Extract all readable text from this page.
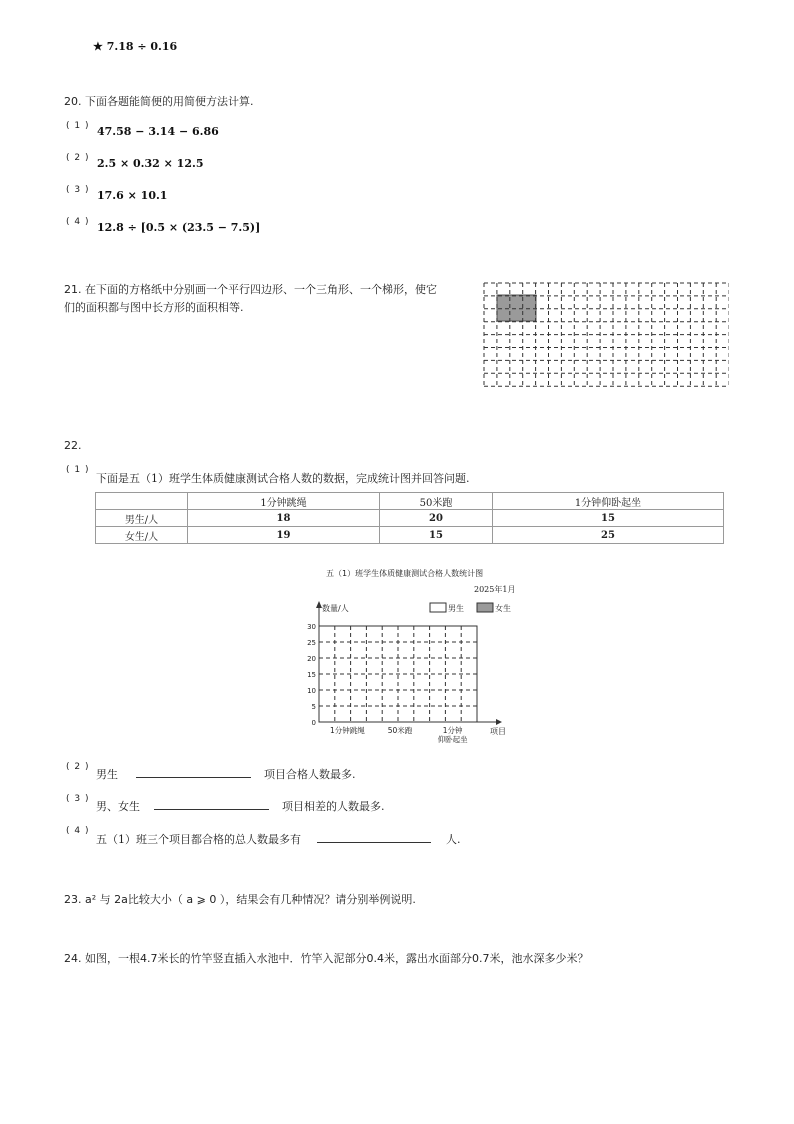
★ 7.18 ÷ 0.16
20. 下面各题能简便的用简便方法计算.
( 1 ) 47.58 − 3.14 − 6.86
( 2 ) 2.5 × 0.32 × 12.5
( 3 ) 17.6 × 10.1
( 4 ) 12.8 ÷ [0.5 × (23.5 − 7.5)]
21. 在下面的方格纸中分别画一个平行四边形、一个三角形、一个梯形，使它
们的面积都与图中长方形的面积相等.
22.
( 1 )
下面是五（1）班学生体质健康测试合格人数的数据，完成统计图并回答问题.
	1分钟跳绳	50米跑	1分钟仰卧起坐
男生/人	18	20	15
女生/人	19	15	25
五（1）班学生体质健康测试合格人数统计图
2025年1月
数量/人
项目
0
5
10
15
20
25
30
1分钟跳绳	50米跑	1分钟
仰卧起坐
男生	女生
( 2 )
男生	项目合格人数最多.
( 3 )
男、女生	项目相差的人数最多.
( 4 )
五（1）班三个项目都合格的总人数最多有	人.
23. a² 与 2a比较大小（ a ⩾ 0 ），结果会有几种情况？请分别举例说明.
24. 如图，一根4.7米长的竹竿竖直插入水池中．竹竿入泥部分0.4米，露出水面部分0.7米，池水深多少米？
